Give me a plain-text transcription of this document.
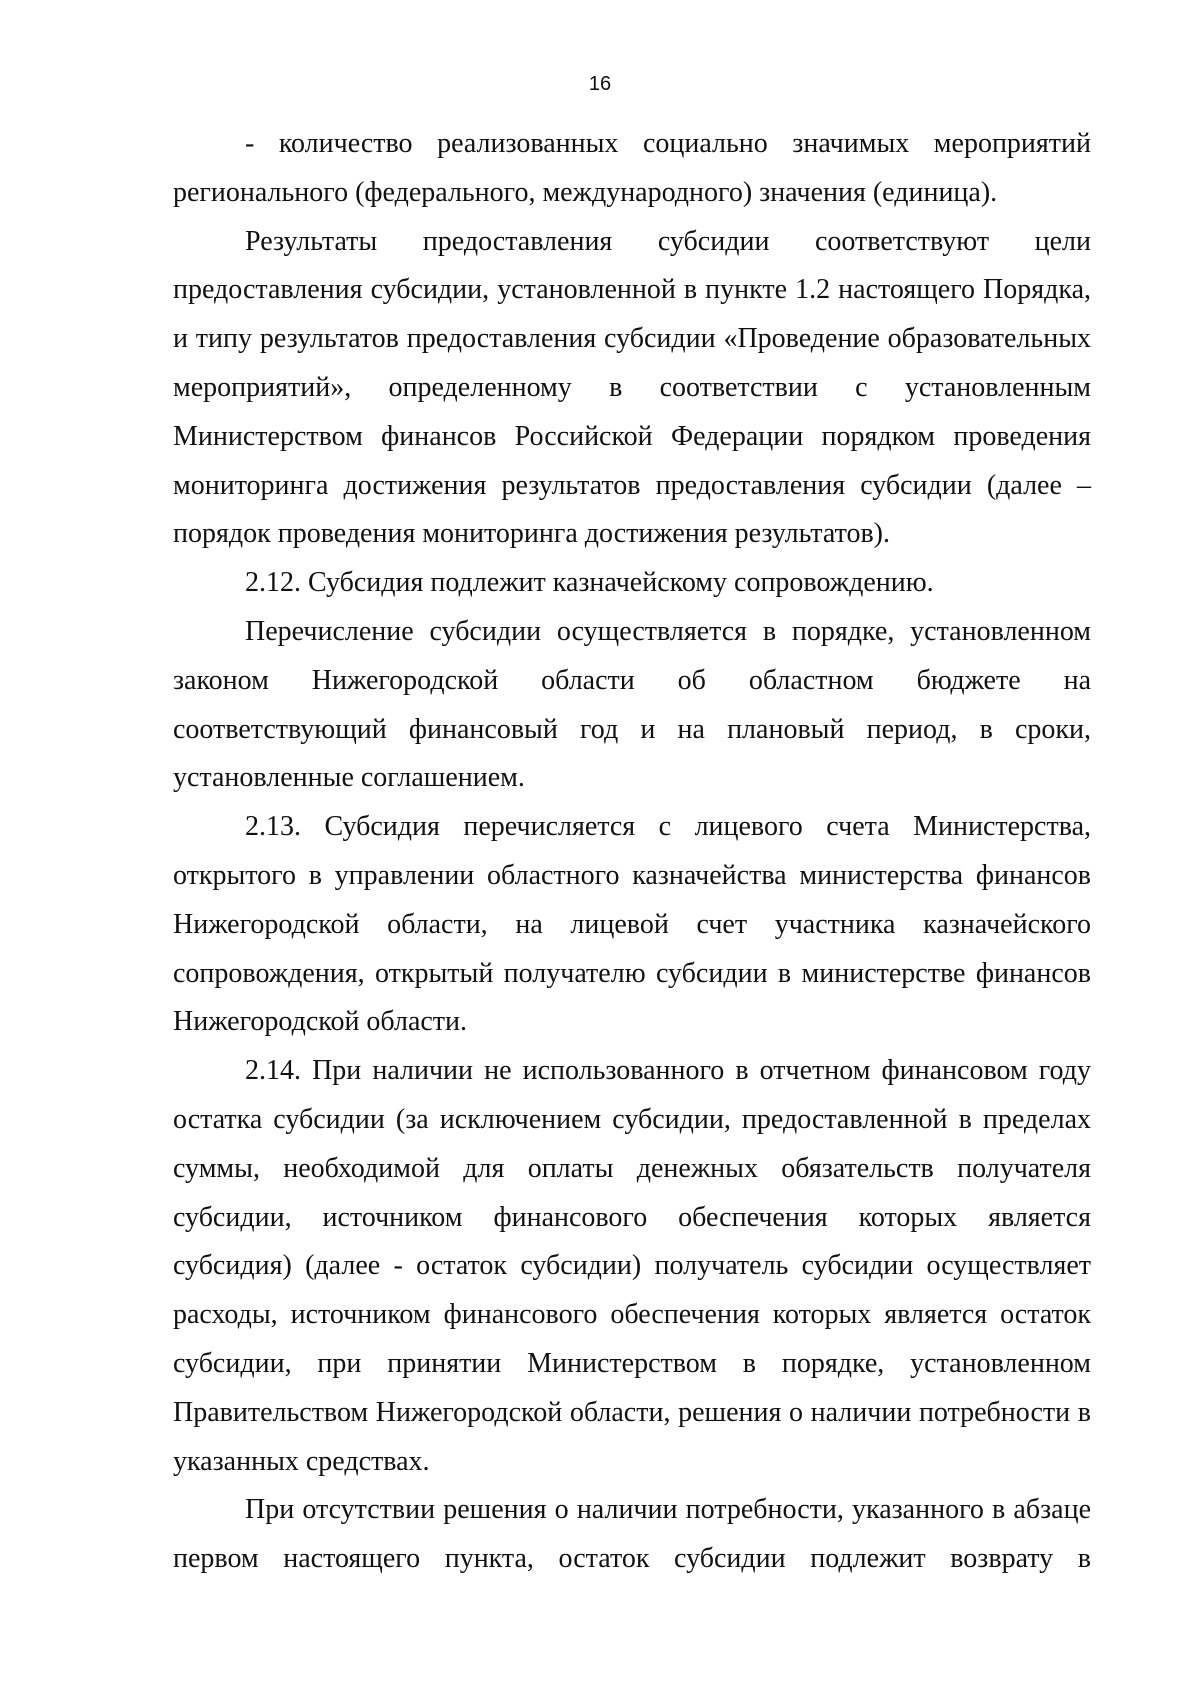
16

- количество реализованных социально значимых мероприятий регионального (федерального, международного) значения (единица).

Результаты предоставления субсидии соответствуют цели предоставления субсидии, установленной в пункте 1.2 настоящего Порядка, и типу результатов предоставления субсидии «Проведение образовательных мероприятий», определенному в соответствии с установленным Министерством финансов Российской Федерации порядком проведения мониторинга достижения результатов предоставления субсидии (далее – порядок проведения мониторинга достижения результатов).

2.12. Субсидия подлежит казначейскому сопровождению.

Перечисление субсидии осуществляется в порядке, установленном законом Нижегородской области об областном бюджете на соответствующий финансовый год и на плановый период, в сроки, установленные соглашением.

2.13. Субсидия перечисляется с лицевого счета Министерства, открытого в управлении областного казначейства министерства финансов Нижегородской области, на лицевой счет участника казначейского сопровождения, открытый получателю субсидии в министерстве финансов Нижегородской области.

2.14. При наличии не использованного в отчетном финансовом году остатка субсидии (за исключением субсидии, предоставленной в пределах суммы, необходимой для оплаты денежных обязательств получателя субсидии, источником финансового обеспечения которых является субсидия) (далее - остаток субсидии) получатель субсидии осуществляет расходы, источником финансового обеспечения которых является остаток субсидии, при принятии Министерством в порядке, установленном Правительством Нижегородской области, решения о наличии потребности в указанных средствах.

При отсутствии решения о наличии потребности, указанного в абзаце первом настоящего пункта, остаток субсидии подлежит возврату в
